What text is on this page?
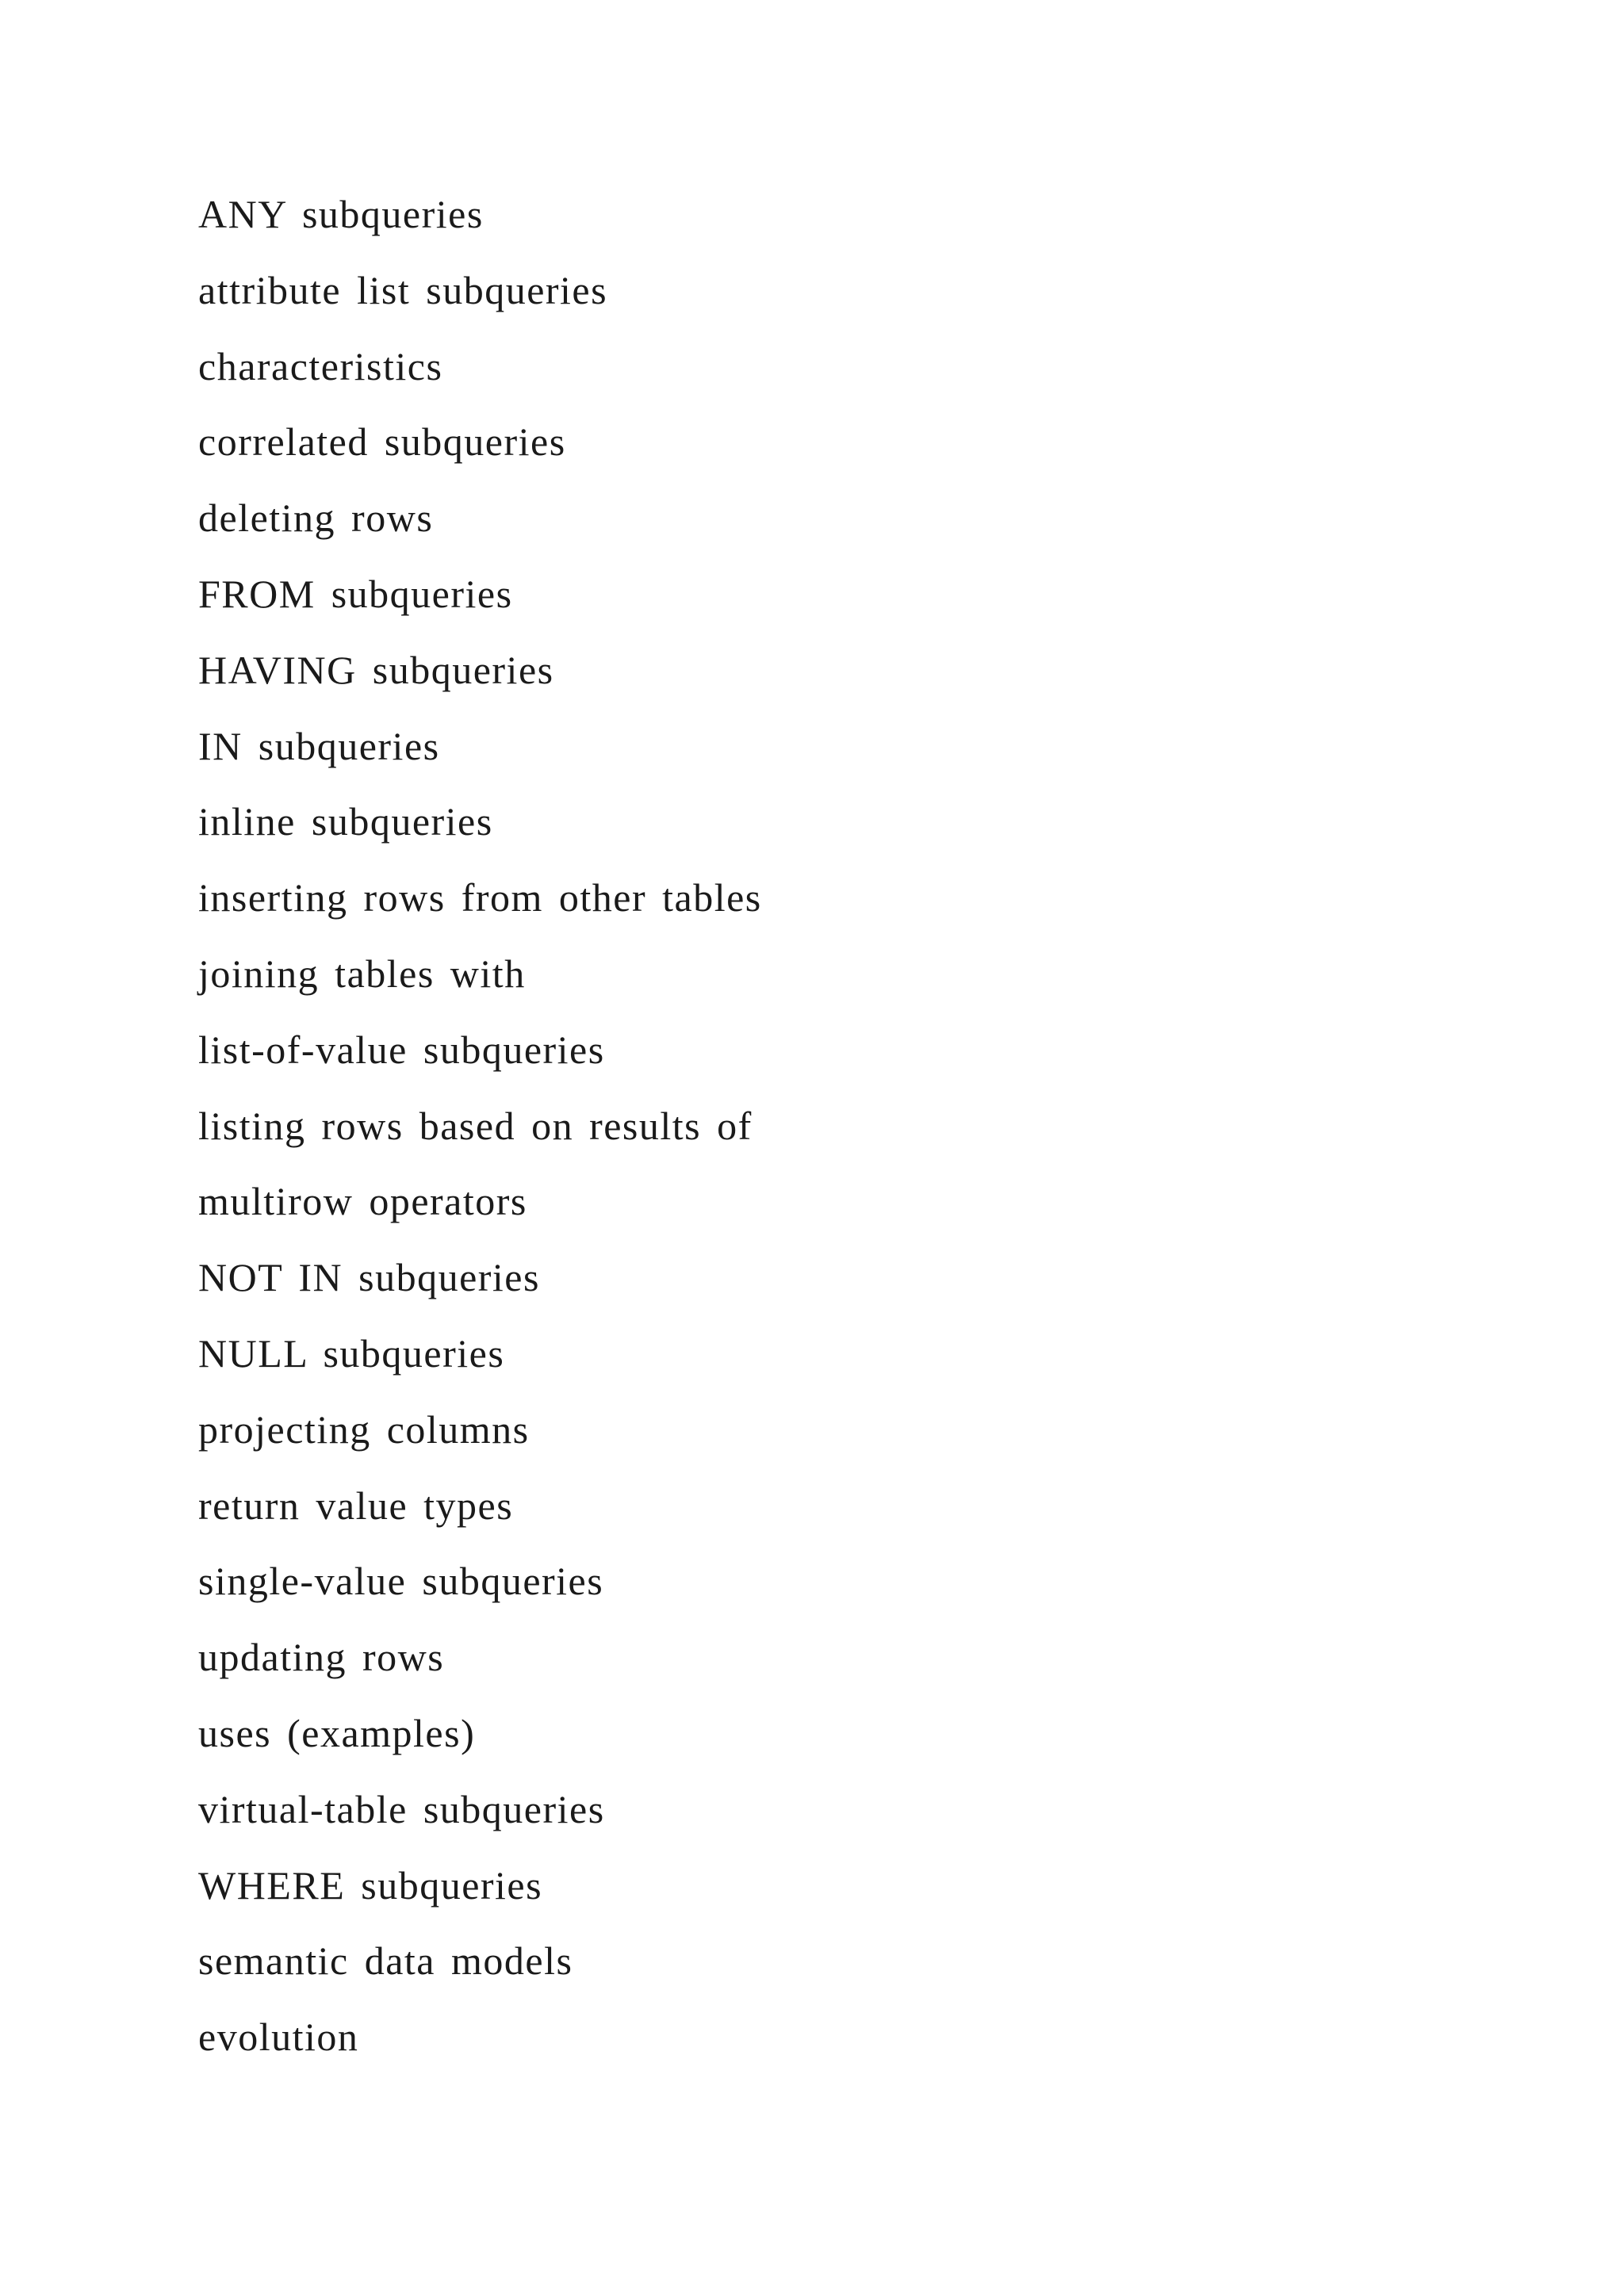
ANY subqueries
attribute list subqueries
characteristics
correlated subqueries
deleting rows
FROM subqueries
HAVING subqueries
IN subqueries
inline subqueries
inserting rows from other tables
joining tables with
list-of-value subqueries
listing rows based on results of
multirow operators
NOT IN subqueries
NULL subqueries
projecting columns
return value types
single-value subqueries
updating rows
uses (examples)
virtual-table subqueries
WHERE subqueries
semantic data models
evolution
